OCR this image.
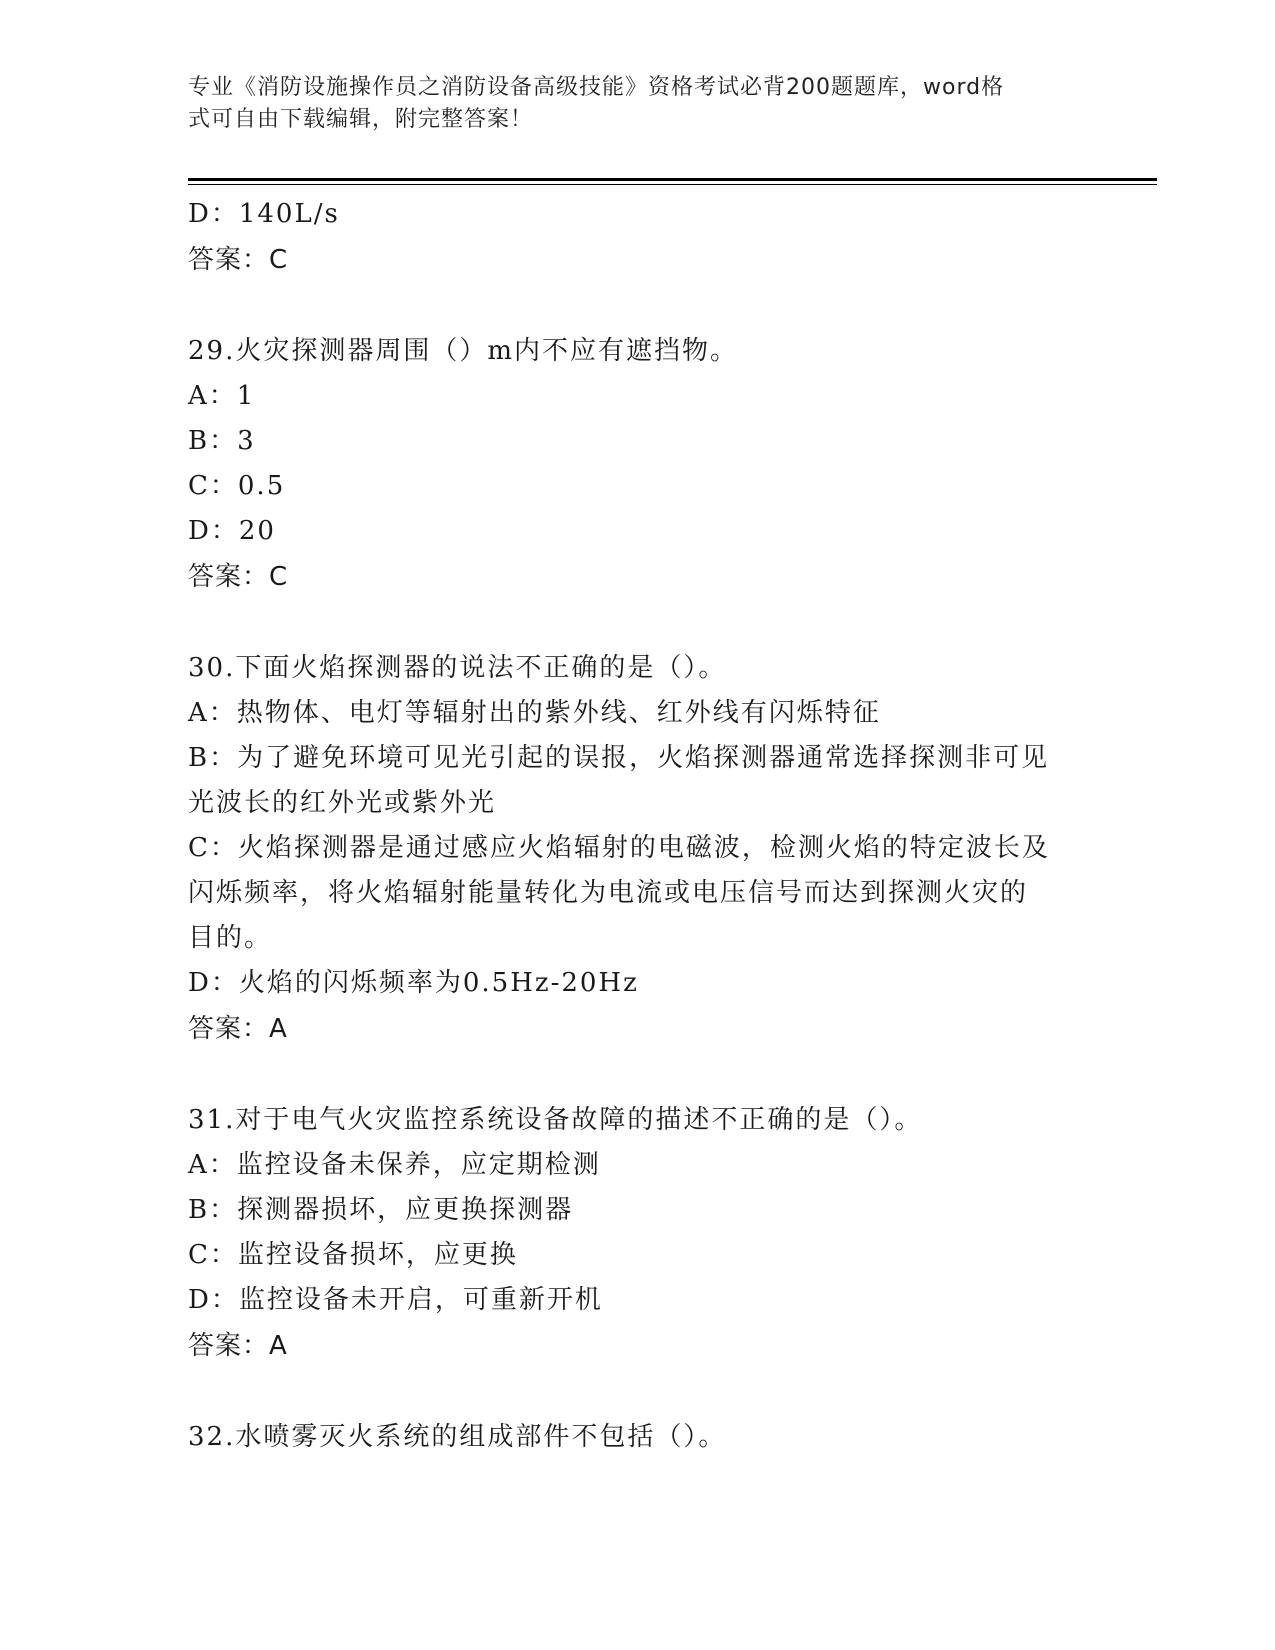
专业《消防设施操作员之消防设备高级技能》资格考试必背200题题库，word格
式可自由下载编辑，附完整答案！

D：140L/s

答案：C

29.火灾探测器周围（）m内不应有遮挡物。

A：1

B：3

C：0.5

D：20

答案：C

30.下面火焰探测器的说法不正确的是（）。

A：热物体、电灯等辐射出的紫外线、红外线有闪烁特征

B：为了避免环境可见光引起的误报，火焰探测器通常选择探测非可见

光波长的红外光或紫外光

C：火焰探测器是通过感应火焰辐射的电磁波，检测火焰的特定波长及

闪烁频率，将火焰辐射能量转化为电流或电压信号而达到探测火灾的

目的。

D：火焰的闪烁频率为0.5Hz-20Hz

答案：A

31.对于电气火灾监控系统设备故障的描述不正确的是（）。

A：监控设备未保养，应定期检测

B：探测器损坏，应更换探测器

C：监控设备损坏，应更换

D：监控设备未开启，可重新开机

答案：A

32.水喷雾灭火系统的组成部件不包括（）。
